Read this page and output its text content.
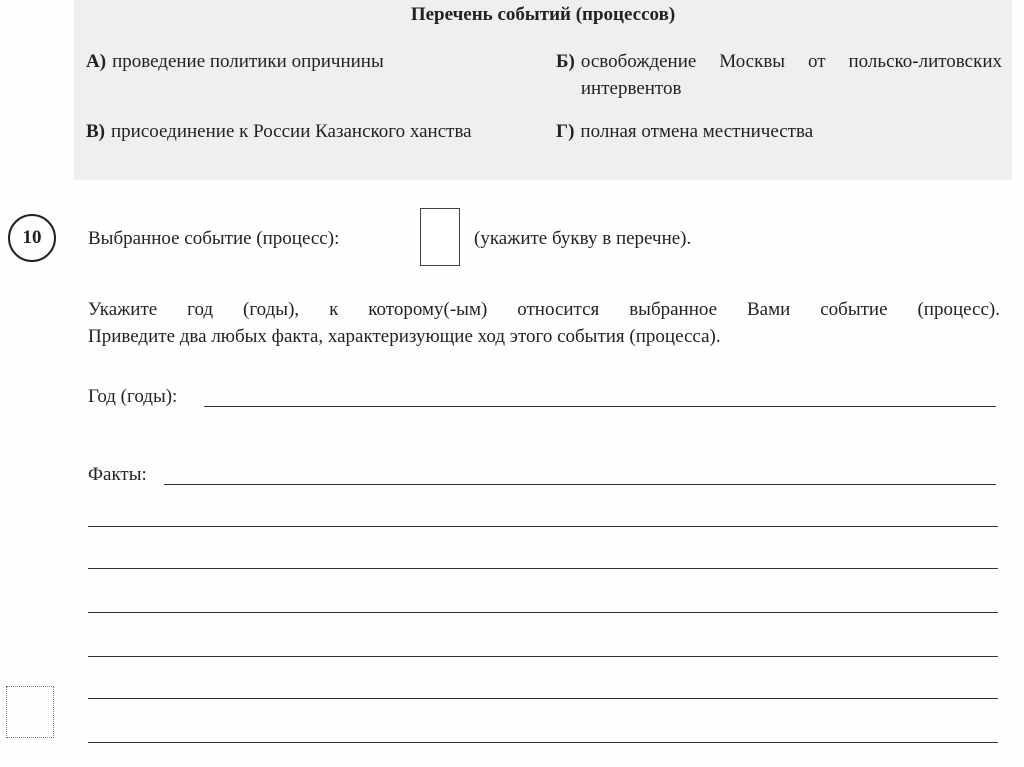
Перечень событий (процессов)
А) проведение политики опричнины	Б) освобождение Москвы от польско-литовских интервентов
В) присоединение к России Казанского ханства	Г) полная отмена местничества
10	Выбранное событие (процесс):	(укажите букву в перечне).

Укажите год (годы), к которому(-ым) относится выбранное Вами событие (процесс).

Приведите два любых факта, характеризующие ход этого события (процесса).

Год (годы):
Факты:
